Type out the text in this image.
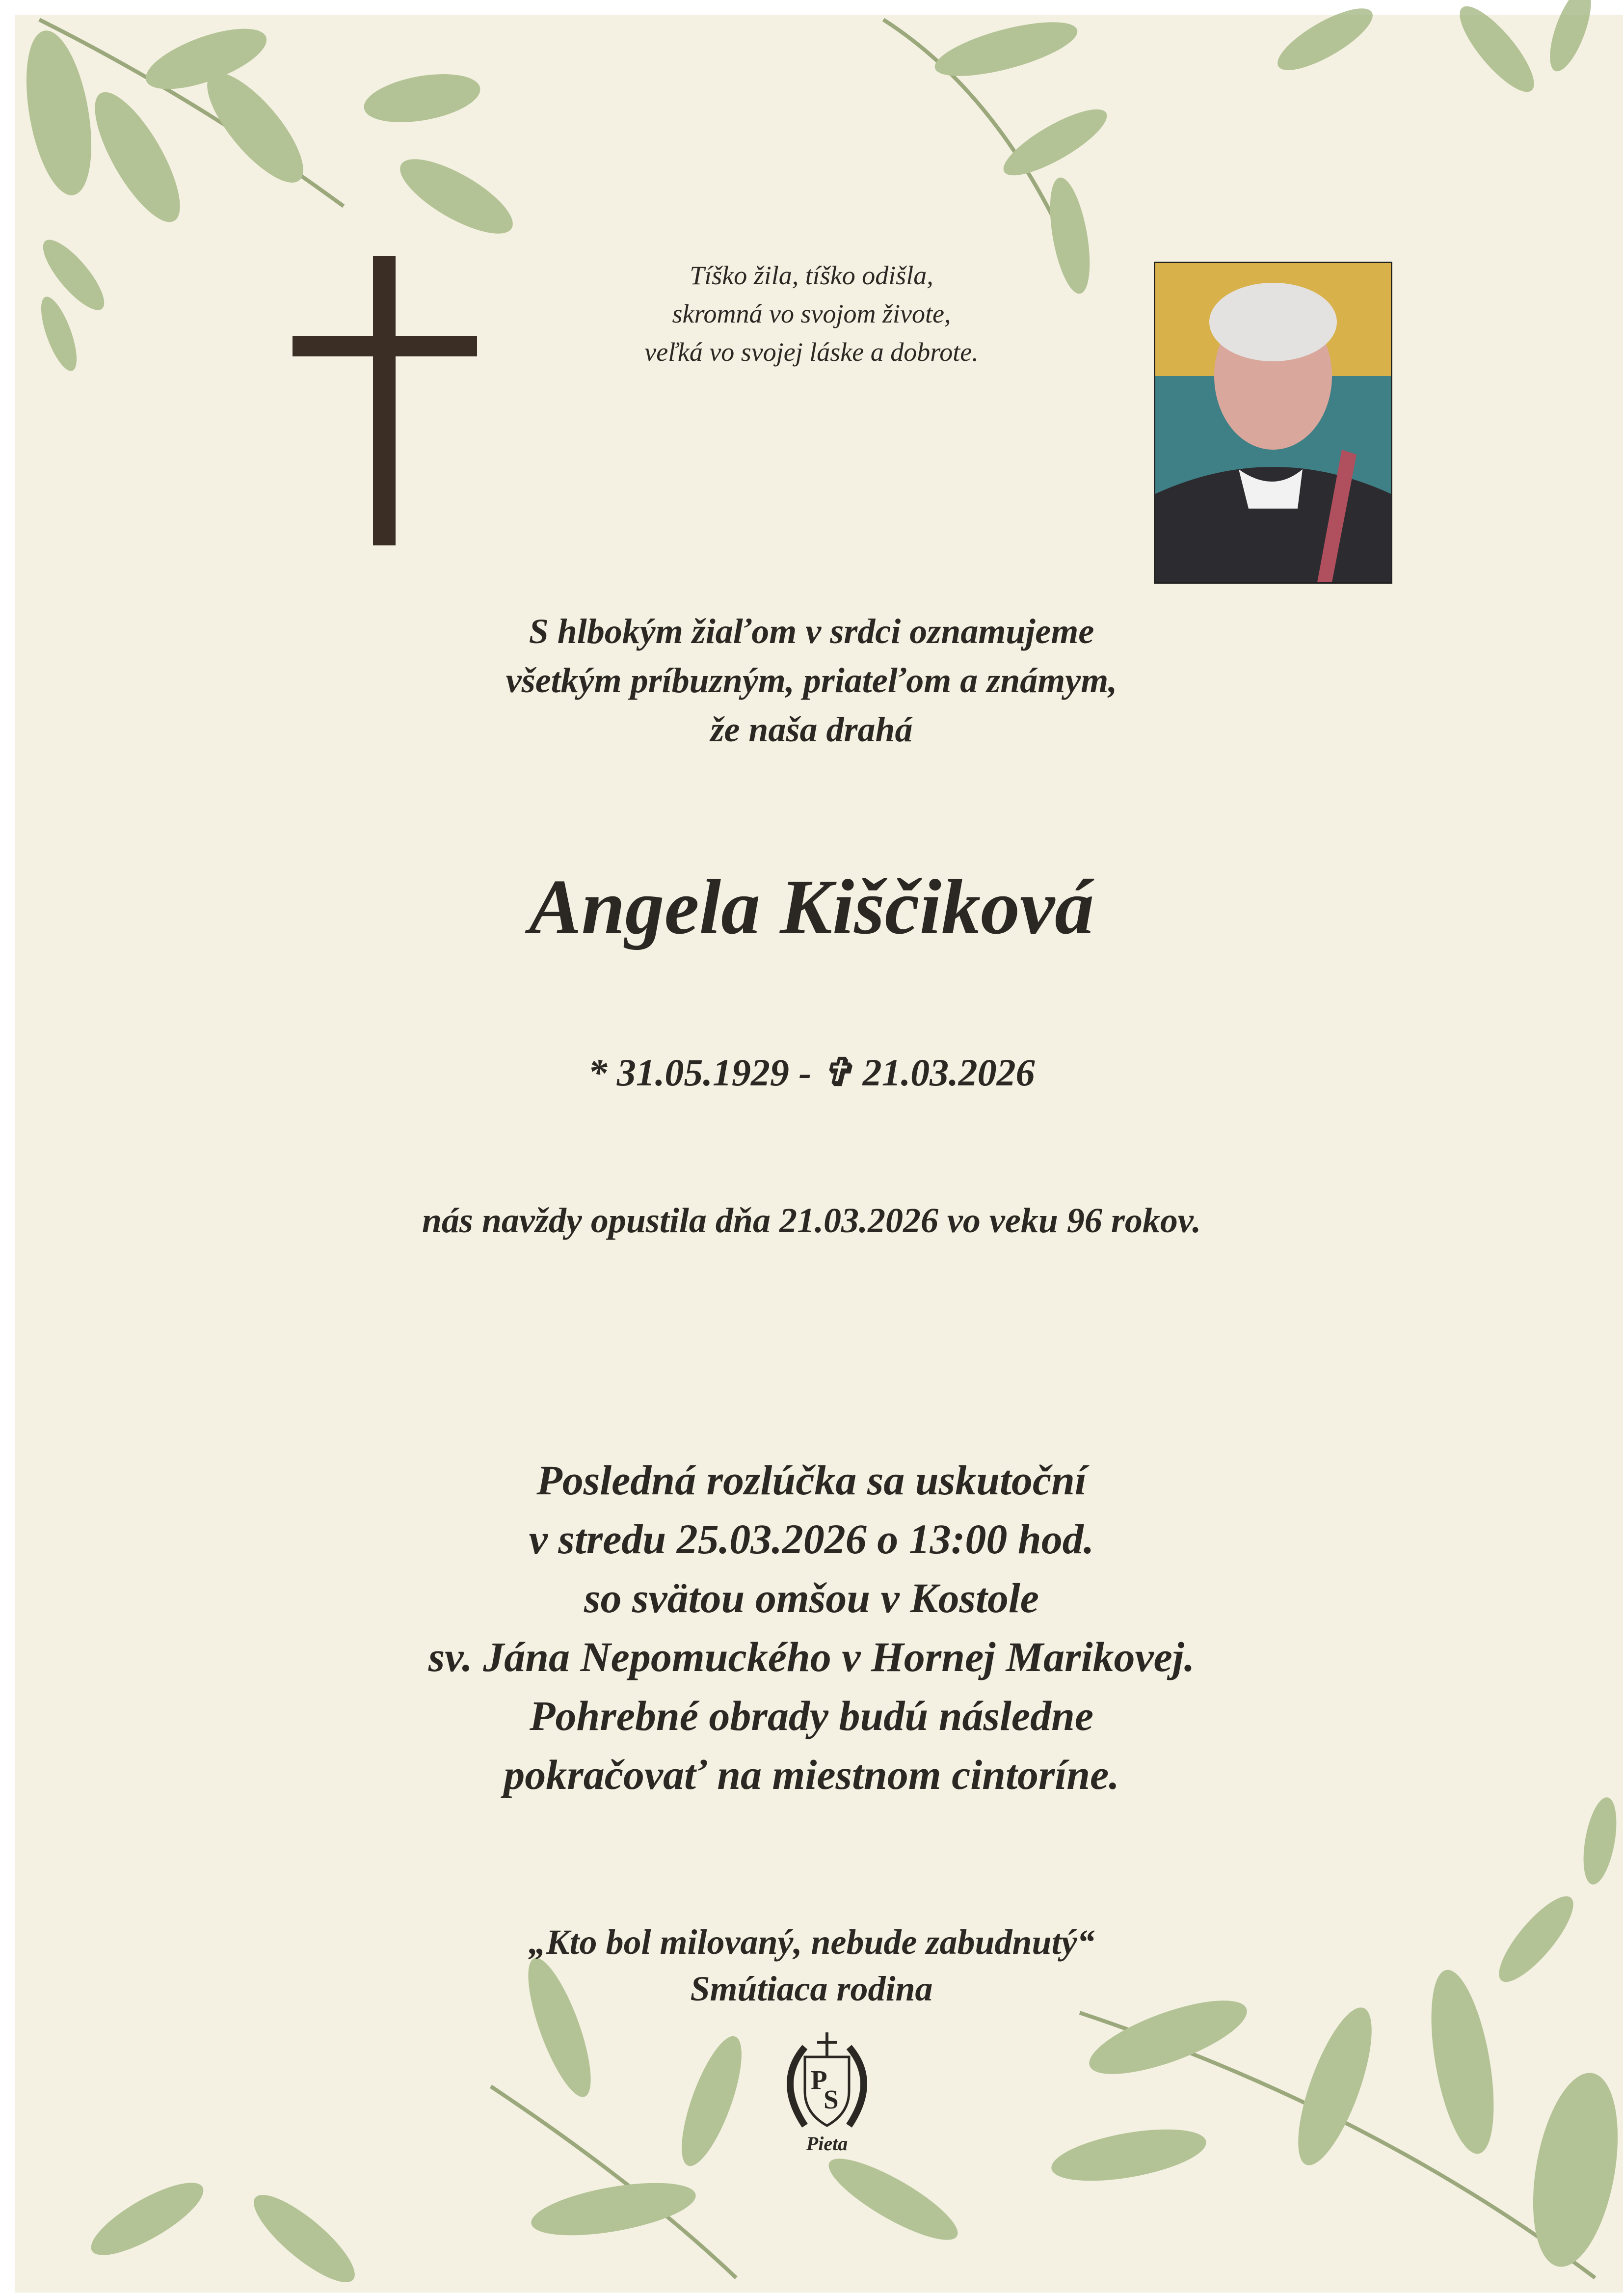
Tíško žila, tíško odišla,
skromná vo svojom živote,
veľká vo svojej láske a dobrote.
S hlbokým žiaľom v srdci oznamujeme
všetkým príbuzným, priateľom a známym,
že naša drahá
Angela Kiščiková
* 31.05.1929 - ✞ 21.03.2026
nás navždy opustila dňa 21.03.2026 vo veku 96 rokov.
Posledná rozlúčka sa uskutoční
v stredu 25.03.2026 o 13:00 hod.
so svätou omšou v Kostole
sv. Jána Nepomuckého v Hornej Marikovej.
Pohrebné obrady budú následne
pokračovať na miestnom cintoríne.
„Kto bol milovaný, nebude zabudnutý“
Smútiaca rodina
P
S
Pieta
